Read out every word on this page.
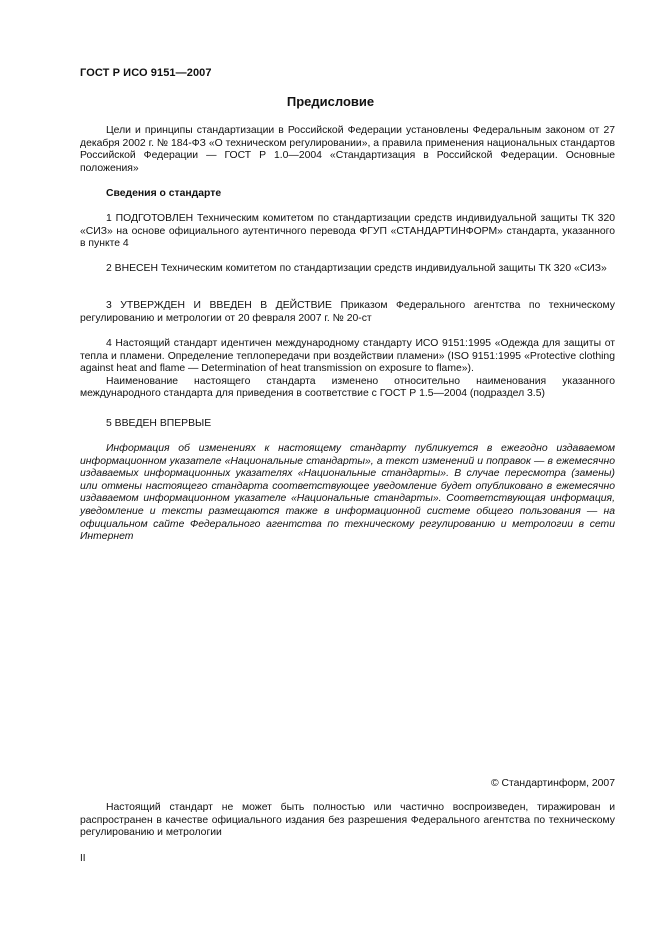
ГОСТ Р ИСО 9151—2007
Предисловие

Цели и принципы стандартизации в Российской Федерации установлены Федеральным законом от 27 декабря 2002 г. № 184-ФЗ «О техническом регулировании», а правила применения национальных стандартов Российской Федерации — ГОСТ Р 1.0—2004 «Стандартизация в Российской Федерации. Основные положения»

Сведения о стандарте

1 ПОДГОТОВЛЕН Техническим комитетом по стандартизации средств индивидуальной защиты ТК 320 «СИЗ» на основе официального аутентичного перевода ФГУП «СТАНДАРТИНФОРМ» стандарта, указанного в пункте 4

2 ВНЕСЕН Техническим комитетом по стандартизации средств индивидуальной защиты ТК 320 «СИЗ»

3 УТВЕРЖДЕН И ВВЕДЕН В ДЕЙСТВИЕ Приказом Федерального агентства по техническому регулированию и метрологии от 20 февраля 2007 г. № 20-ст

4 Настоящий стандарт идентичен международному стандарту ИСО 9151:1995 «Одежда для защиты от тепла и пламени. Определение теплопередачи при воздействии пламени» (ISO 9151:1995 «Protective clothing against heat and flame — Determination of heat transmission on exposure to flame»).

Наименование настоящего стандарта изменено относительно наименования указанного международного стандарта для приведения в соответствие с ГОСТ Р 1.5—2004 (подраздел 3.5)

5 ВВЕДЕН ВПЕРВЫЕ

Информация об изменениях к настоящему стандарту публикуется в ежегодно издаваемом информационном указателе «Национальные стандарты», а текст изменений и поправок — в ежемесячно издаваемых информационных указателях «Национальные стандарты». В случае пересмотра (замены) или отмены настоящего стандарта соответствующее уведомление будет опубликовано в ежемесячно издаваемом информационном указателе «Национальные стандарты». Соответствующая информация, уведомление и тексты размещаются также в информационной системе общего пользования — на официальном сайте Федерального агентства по техническому регулированию и метрологии в сети Интернет

© Стандартинформ, 2007

Настоящий стандарт не может быть полностью или частично воспроизведен, тиражирован и распространен в качестве официального издания без разрешения Федерального агентства по техническому регулированию и метрологии

II
